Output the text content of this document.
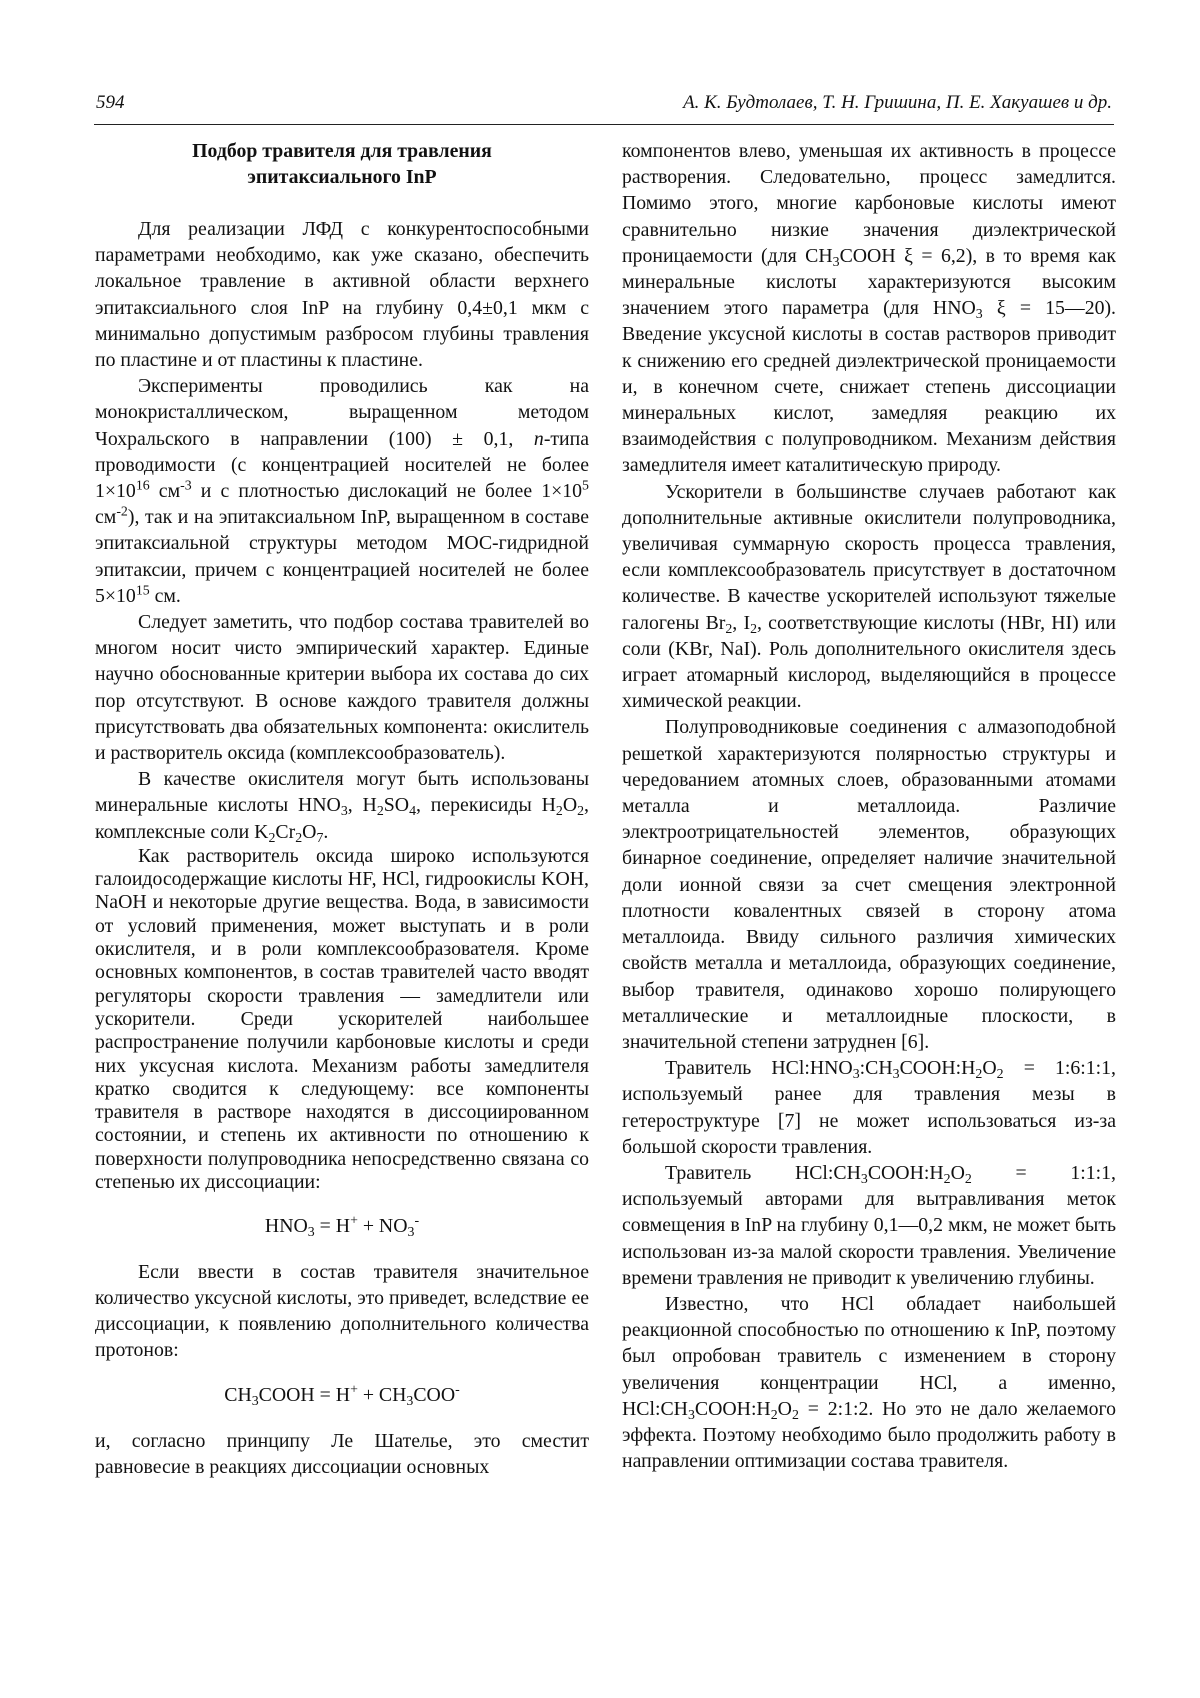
594	А. К. Будтолаев, Т. Н. Гришина, П. Е. Хакуашев и др.
Подбор травителя для травления
эпитаксиального InP

Для реализации ЛФД с конкурентоспособными параметрами необходимо, как уже сказано, обеспечить локальное травление в активной области верхнего эпитаксиального слоя InP на глубину 0,4±0,1 мкм с минимально допустимым разбросом глубины травления по пластине и от пластины к пластине.

Эксперименты проводились как на монокристаллическом, выращенном методом Чохральского в направлении (100) ± 0,1, n-типа проводимости (с концентрацией носителей не более $1\times 10^{16}$ $см^{-3}$ и с плотностью дислокаций не более $1\times 10^5$ $см^{-2}$), так и на эпитаксиальном InP, выращенном в составе эпитаксиальной структуры методом МОС-гидридной эпитаксии, причем с концентрацией носителей не более $5\times 10^{15}$ см.

Следует заметить, что подбор состава травителей во многом носит чисто эмпирический характер. Единые научно обоснованные критерии выбора их состава до сих пор отсутствуют. В основе каждого травителя должны присутствовать два обязательных компонента: окислитель и растворитель оксида (комплексообразователь).

В качестве окислителя могут быть использованы минеральные кислоты $HNO_3$, $H_2SO_4$, перекисиды $H_2O_2$, комплексные соли $K_2Cr_2O_7$.

Как растворитель оксида широко используются галоидосодержащие кислоты HF, HCl, гидроокислы KOH, NaOH и некоторые другие вещества. Вода, в зависимости от условий применения, может выступать и в роли окислителя, и в роли комплексообразователя. Кроме основных компонентов, в состав травителей часто вводят регуляторы скорости травления — замедлители или ускорители. Среди ускорителей наибольшее распространение получили карбоновые кислоты и среди них уксусная кислота. Механизм работы замедлителя кратко сводится к следующему: все компоненты травителя в растворе находятся в диссоциированном состоянии, и степень их активности по отношению к поверхности полупроводника непосредственно связана со степенью их диссоциации:

$HNO_3 = H^+ + NO_3^-$

Если ввести в состав травителя значительное количество уксусной кислоты, это приведет, вследствие ее диссоциации, к появлению дополнительного количества протонов:

$CH_3COOH = H^+ + CH_3COO^-$

и, согласно принципу Ле Шателье, это сместит равновесие в реакциях диссоциации основных

компонентов влево, уменьшая их активность в процессе растворения. Следовательно, процесс замедлится. Помимо этого, многие карбоновые кислоты имеют сравнительно низкие значения диэлектрической проницаемости (для $CH_3COOH$ ξ = 6,2), в то время как минеральные кислоты характеризуются высоким значением этого параметра (для $HNO_3$ ξ = 15—20). Введение уксусной кислоты в состав растворов приводит к снижению его средней диэлектрической проницаемости и, в конечном счете, снижает степень диссоциации минеральных кислот, замедляя реакцию их взаимодействия с полупроводником. Механизм действия замедлителя имеет каталитическую природу.

Ускорители в большинстве случаев работают как дополнительные активные окислители полупроводника, увеличивая суммарную скорость процесса травления, если комплексообразователь присутствует в достаточном количестве. В качестве ускорителей используют тяжелые галогены $Br_2$, $I_2$, соответствующие кислоты (HBr, HI) или соли (KBr, NaI). Роль дополнительного окислителя здесь играет атомарный кислород, выделяющийся в процессе химической реакции.

Полупроводниковые соединения с алмазоподобной решеткой характеризуются полярностью структуры и чередованием атомных слоев, образованными атомами металла и металлоида. Различие электроотрицательностей элементов, образующих бинарное соединение, определяет наличие значительной доли ионной связи за счет смещения электронной плотности ковалентных связей в сторону атома металлоида. Ввиду сильного различия химических свойств металла и металлоида, образующих соединение, выбор травителя, одинаково хорошо полирующего металлические и металлоидные плоскости, в значительной степени затруднен [6].

Травитель $HCl:HNO_3:CH_3COOH:H_2O_2$ = 1:6:1:1, используемый ранее для травления мезы в гетероструктуре [7] не может использоваться из-за большой скорости травления.

Травитель $HCl:CH_3COOH:H_2O_2$ = 1:1:1, используемый авторами для вытравливания меток совмещения в InP на глубину 0,1—0,2 мкм, не может быть использован из-за малой скорости травления. Увеличение времени травления не приводит к увеличению глубины.

Известно, что HCl обладает наибольшей реакционной способностью по отношению к InP, поэтому был опробован травитель с изменением в сторону увеличения концентрации HCl, а именно, $HCl:CH_3COOH:H_2O_2$ = 2:1:2. Но это не дало желаемого эффекта. Поэтому необходимо было продолжить работу в направлении оптимизации состава травителя.
